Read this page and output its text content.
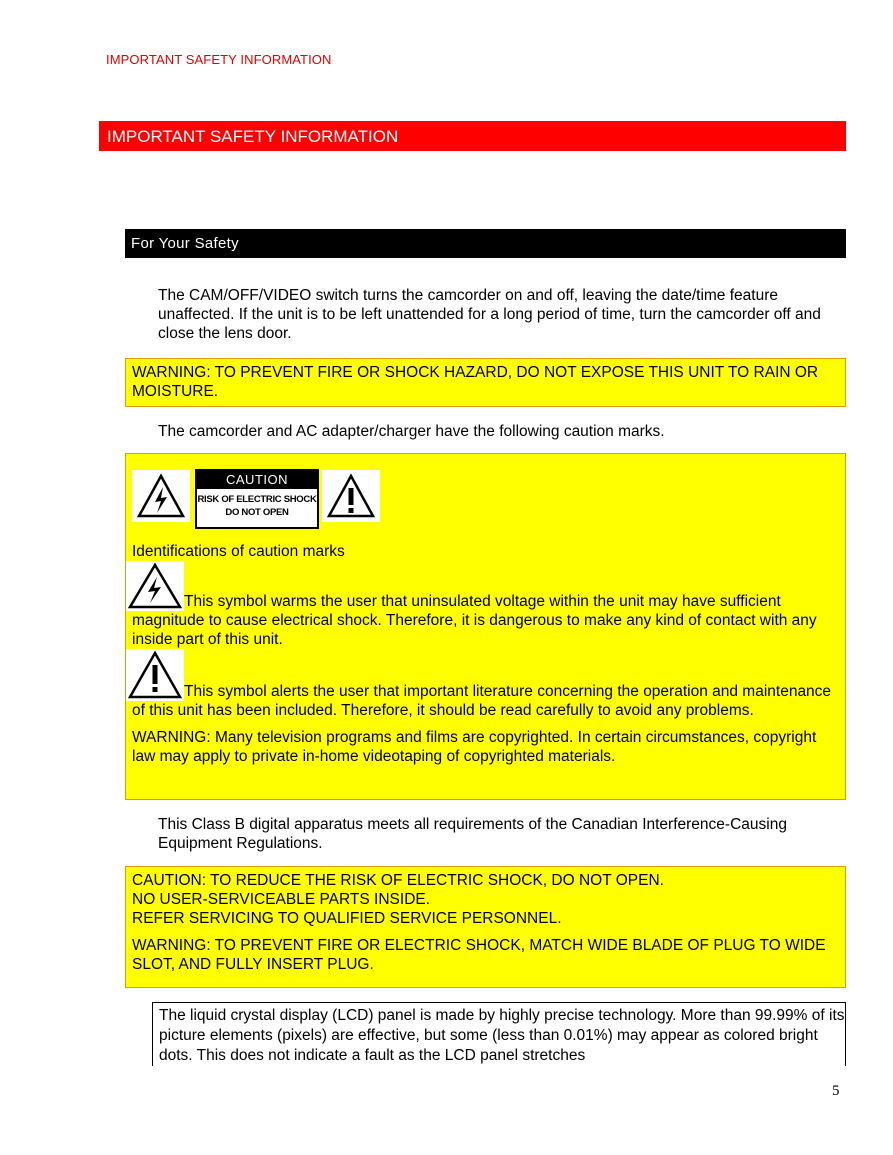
IMPORTANT SAFETY INFORMATION
IMPORTANT SAFETY INFORMATION
For Your Safety
The CAM/OFF/VIDEO switch turns the camcorder on and off, leaving the date/time feature unaffected. If the unit is to be left unattended for a long period of time, turn the camcorder off and close the lens door.

WARNING: TO PREVENT FIRE OR SHOCK HAZARD, DO NOT EXPOSE THIS UNIT TO RAIN OR MOISTURE.

The camcorder and AC adapter/charger have the following caution marks.
CAUTION
RISK OF ELECTRIC SHOCK
DO NOT OPEN

Identifications of caution marks

This symbol warms the user that uninsulated voltage within the unit may have sufficient magnitude to cause electrical shock. Therefore, it is dangerous to make any kind of contact with any inside part of this unit.

This symbol alerts the user that important literature concerning the operation and maintenance of this unit has been included. Therefore, it should be read carefully to avoid any problems.

WARNING: Many television programs and films are copyrighted. In certain circumstances, copyright law may apply to private in-home videotaping of copyrighted materials.

This Class B digital apparatus meets all requirements of the Canadian Interference-Causing Equipment Regulations.

CAUTION: TO REDUCE THE RISK OF ELECTRIC SHOCK, DO NOT OPEN.

NO USER-SERVICEABLE PARTS INSIDE.

REFER SERVICING TO QUALIFIED SERVICE PERSONNEL.

WARNING: TO PREVENT FIRE OR ELECTRIC SHOCK, MATCH WIDE BLADE OF PLUG TO WIDE SLOT, AND FULLY INSERT PLUG.

The liquid crystal display (LCD) panel is made by highly precise technology. More than 99.99% of its picture elements (pixels) are effective, but some (less than 0.01%) may appear as colored bright dots. This does not indicate a fault as the LCD panel stretches
5
